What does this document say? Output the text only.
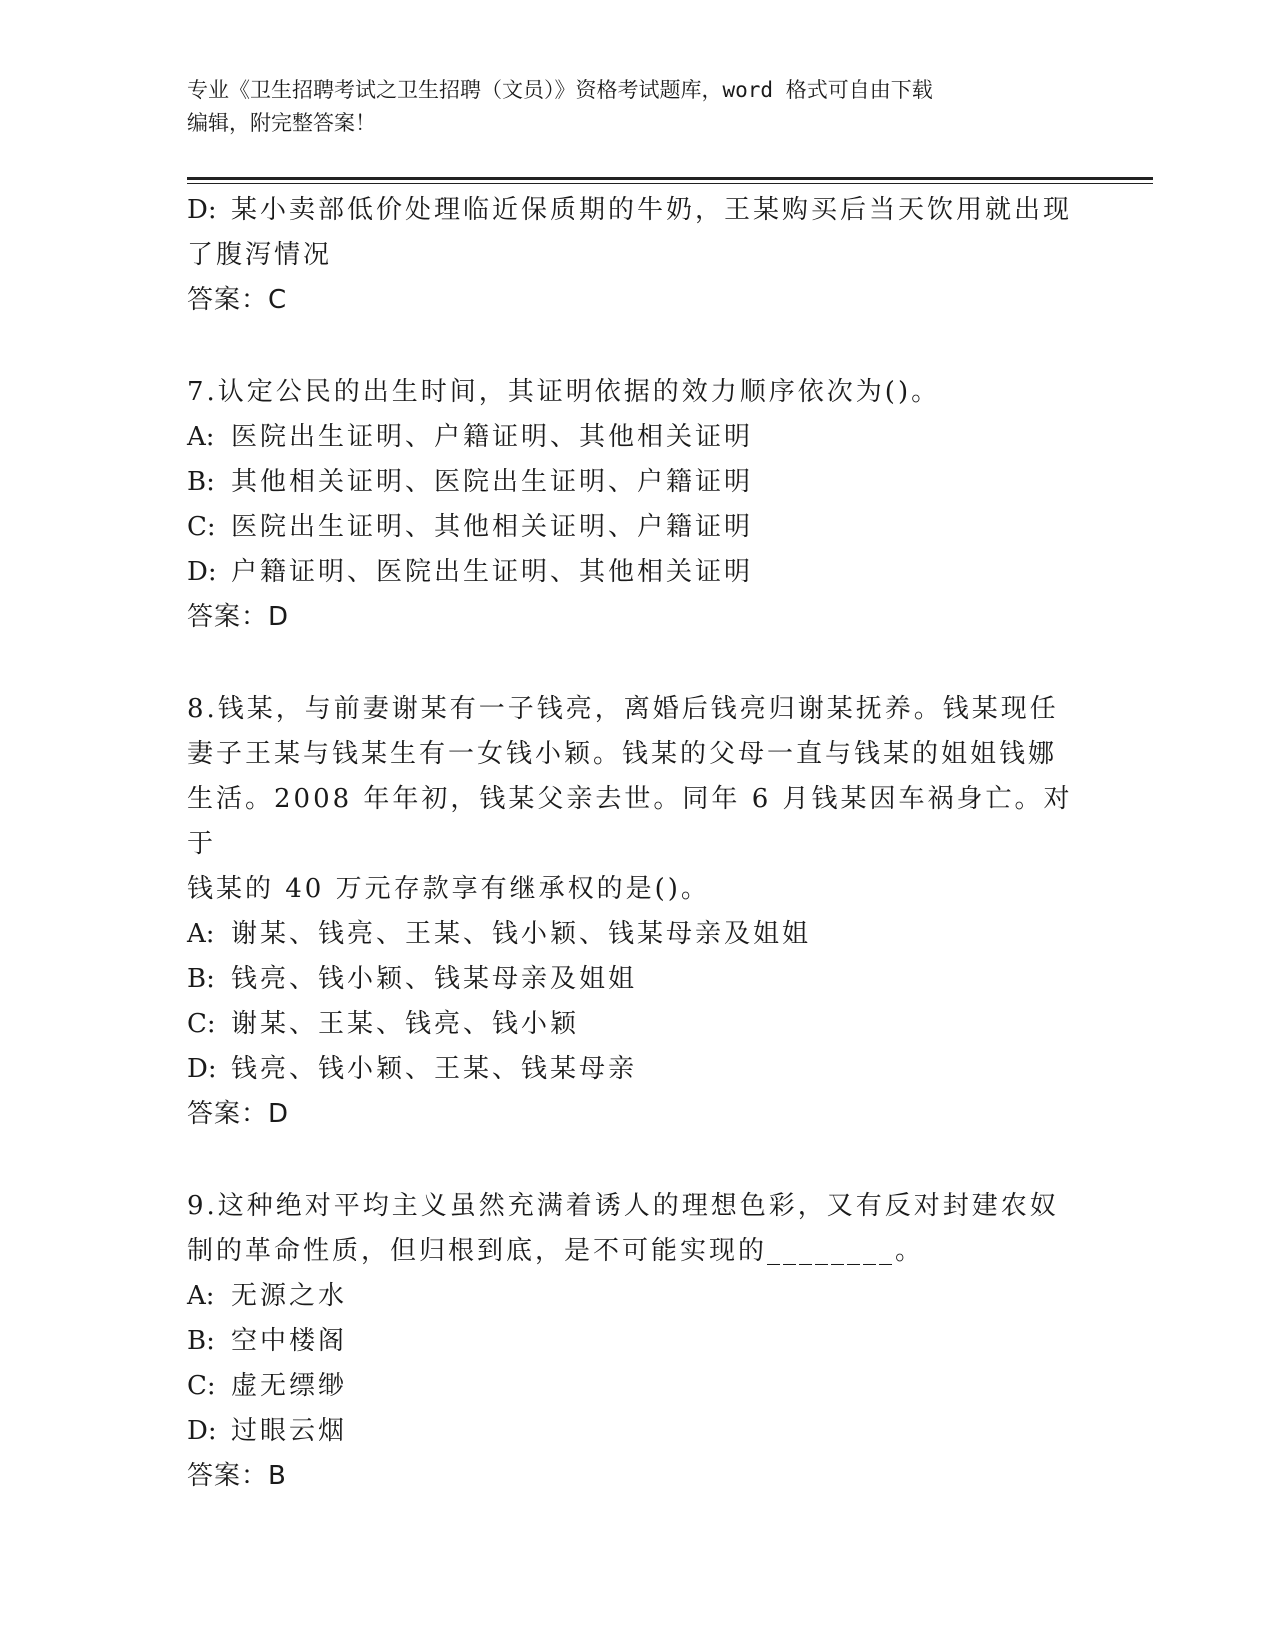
专业《卫生招聘考试之卫生招聘（文员）》资格考试题库，word 格式可自由下载
编辑，附完整答案！

D: 某小卖部低价处理临近保质期的牛奶，王某购买后当天饮用就出现

了腹泻情况

答案：C

7.认定公民的出生时间，其证明依据的效力顺序依次为()。

A: 医院出生证明、户籍证明、其他相关证明

B: 其他相关证明、医院出生证明、户籍证明

C: 医院出生证明、其他相关证明、户籍证明

D: 户籍证明、医院出生证明、其他相关证明

答案：D

8.钱某，与前妻谢某有一子钱亮，离婚后钱亮归谢某抚养。钱某现任

妻子王某与钱某生有一女钱小颖。钱某的父母一直与钱某的姐姐钱娜

生活。2008 年年初，钱某父亲去世。同年 6 月钱某因车祸身亡。对于

钱某的 40 万元存款享有继承权的是()。

A: 谢某、钱亮、王某、钱小颖、钱某母亲及姐姐

B: 钱亮、钱小颖、钱某母亲及姐姐

C: 谢某、王某、钱亮、钱小颖

D: 钱亮、钱小颖、王某、钱某母亲

答案：D

9.这种绝对平均主义虽然充满着诱人的理想色彩，又有反对封建农奴

制的革命性质，但归根到底，是不可能实现的________。

A: 无源之水

B: 空中楼阁

C: 虚无缥缈

D: 过眼云烟

答案：B
